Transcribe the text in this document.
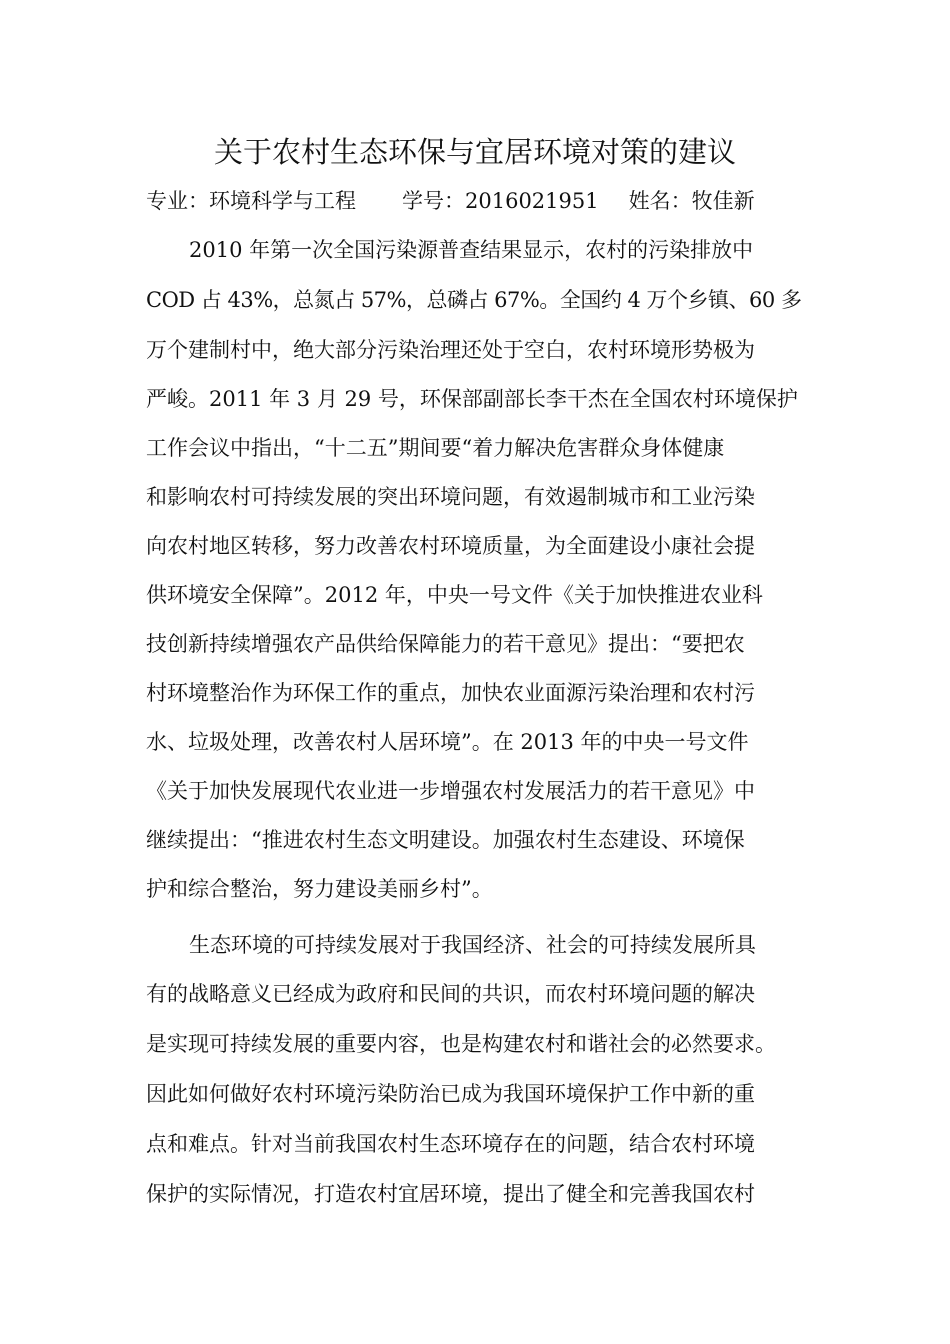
关于农村生态环保与宜居环境对策的建议
专业：环境科学与工程 学号：2016021951 姓名：牧佳新
2010 年第一次全国污染源普查结果显示，农村的污染排放中
COD 占 43%，总氮占 57%，总磷占 67%。全国约 4 万个乡镇、60 多
万个建制村中，绝大部分污染治理还处于空白，农村环境形势极为
严峻。2011 年 3 月 29 号，环保部副部长李干杰在全国农村环境保护
工作会议中指出，“十二五”期间要“着力解决危害群众身体健康
和影响农村可持续发展的突出环境问题，有效遏制城市和工业污染
向农村地区转移，努力改善农村环境质量，为全面建设小康社会提
供环境安全保障”。2012 年，中央一号文件《关于加快推进农业科
技创新持续增强农产品供给保障能力的若干意见》提出：“要把农
村环境整治作为环保工作的重点，加快农业面源污染治理和农村污
水、垃圾处理，改善农村人居环境”。在 2013 年的中央一号文件
《关于加快发展现代农业进一步增强农村发展活力的若干意见》中
继续提出：“推进农村生态文明建设。加强农村生态建设、环境保
护和综合整治，努力建设美丽乡村”。
生态环境的可持续发展对于我国经济、社会的可持续发展所具
有的战略意义已经成为政府和民间的共识，而农村环境问题的解决
是实现可持续发展的重要内容，也是构建农村和谐社会的必然要求。
因此如何做好农村环境污染防治已成为我国环境保护工作中新的重
点和难点。针对当前我国农村生态环境存在的问题，结合农村环境
保护的实际情况，打造农村宜居环境，提出了健全和完善我国农村
